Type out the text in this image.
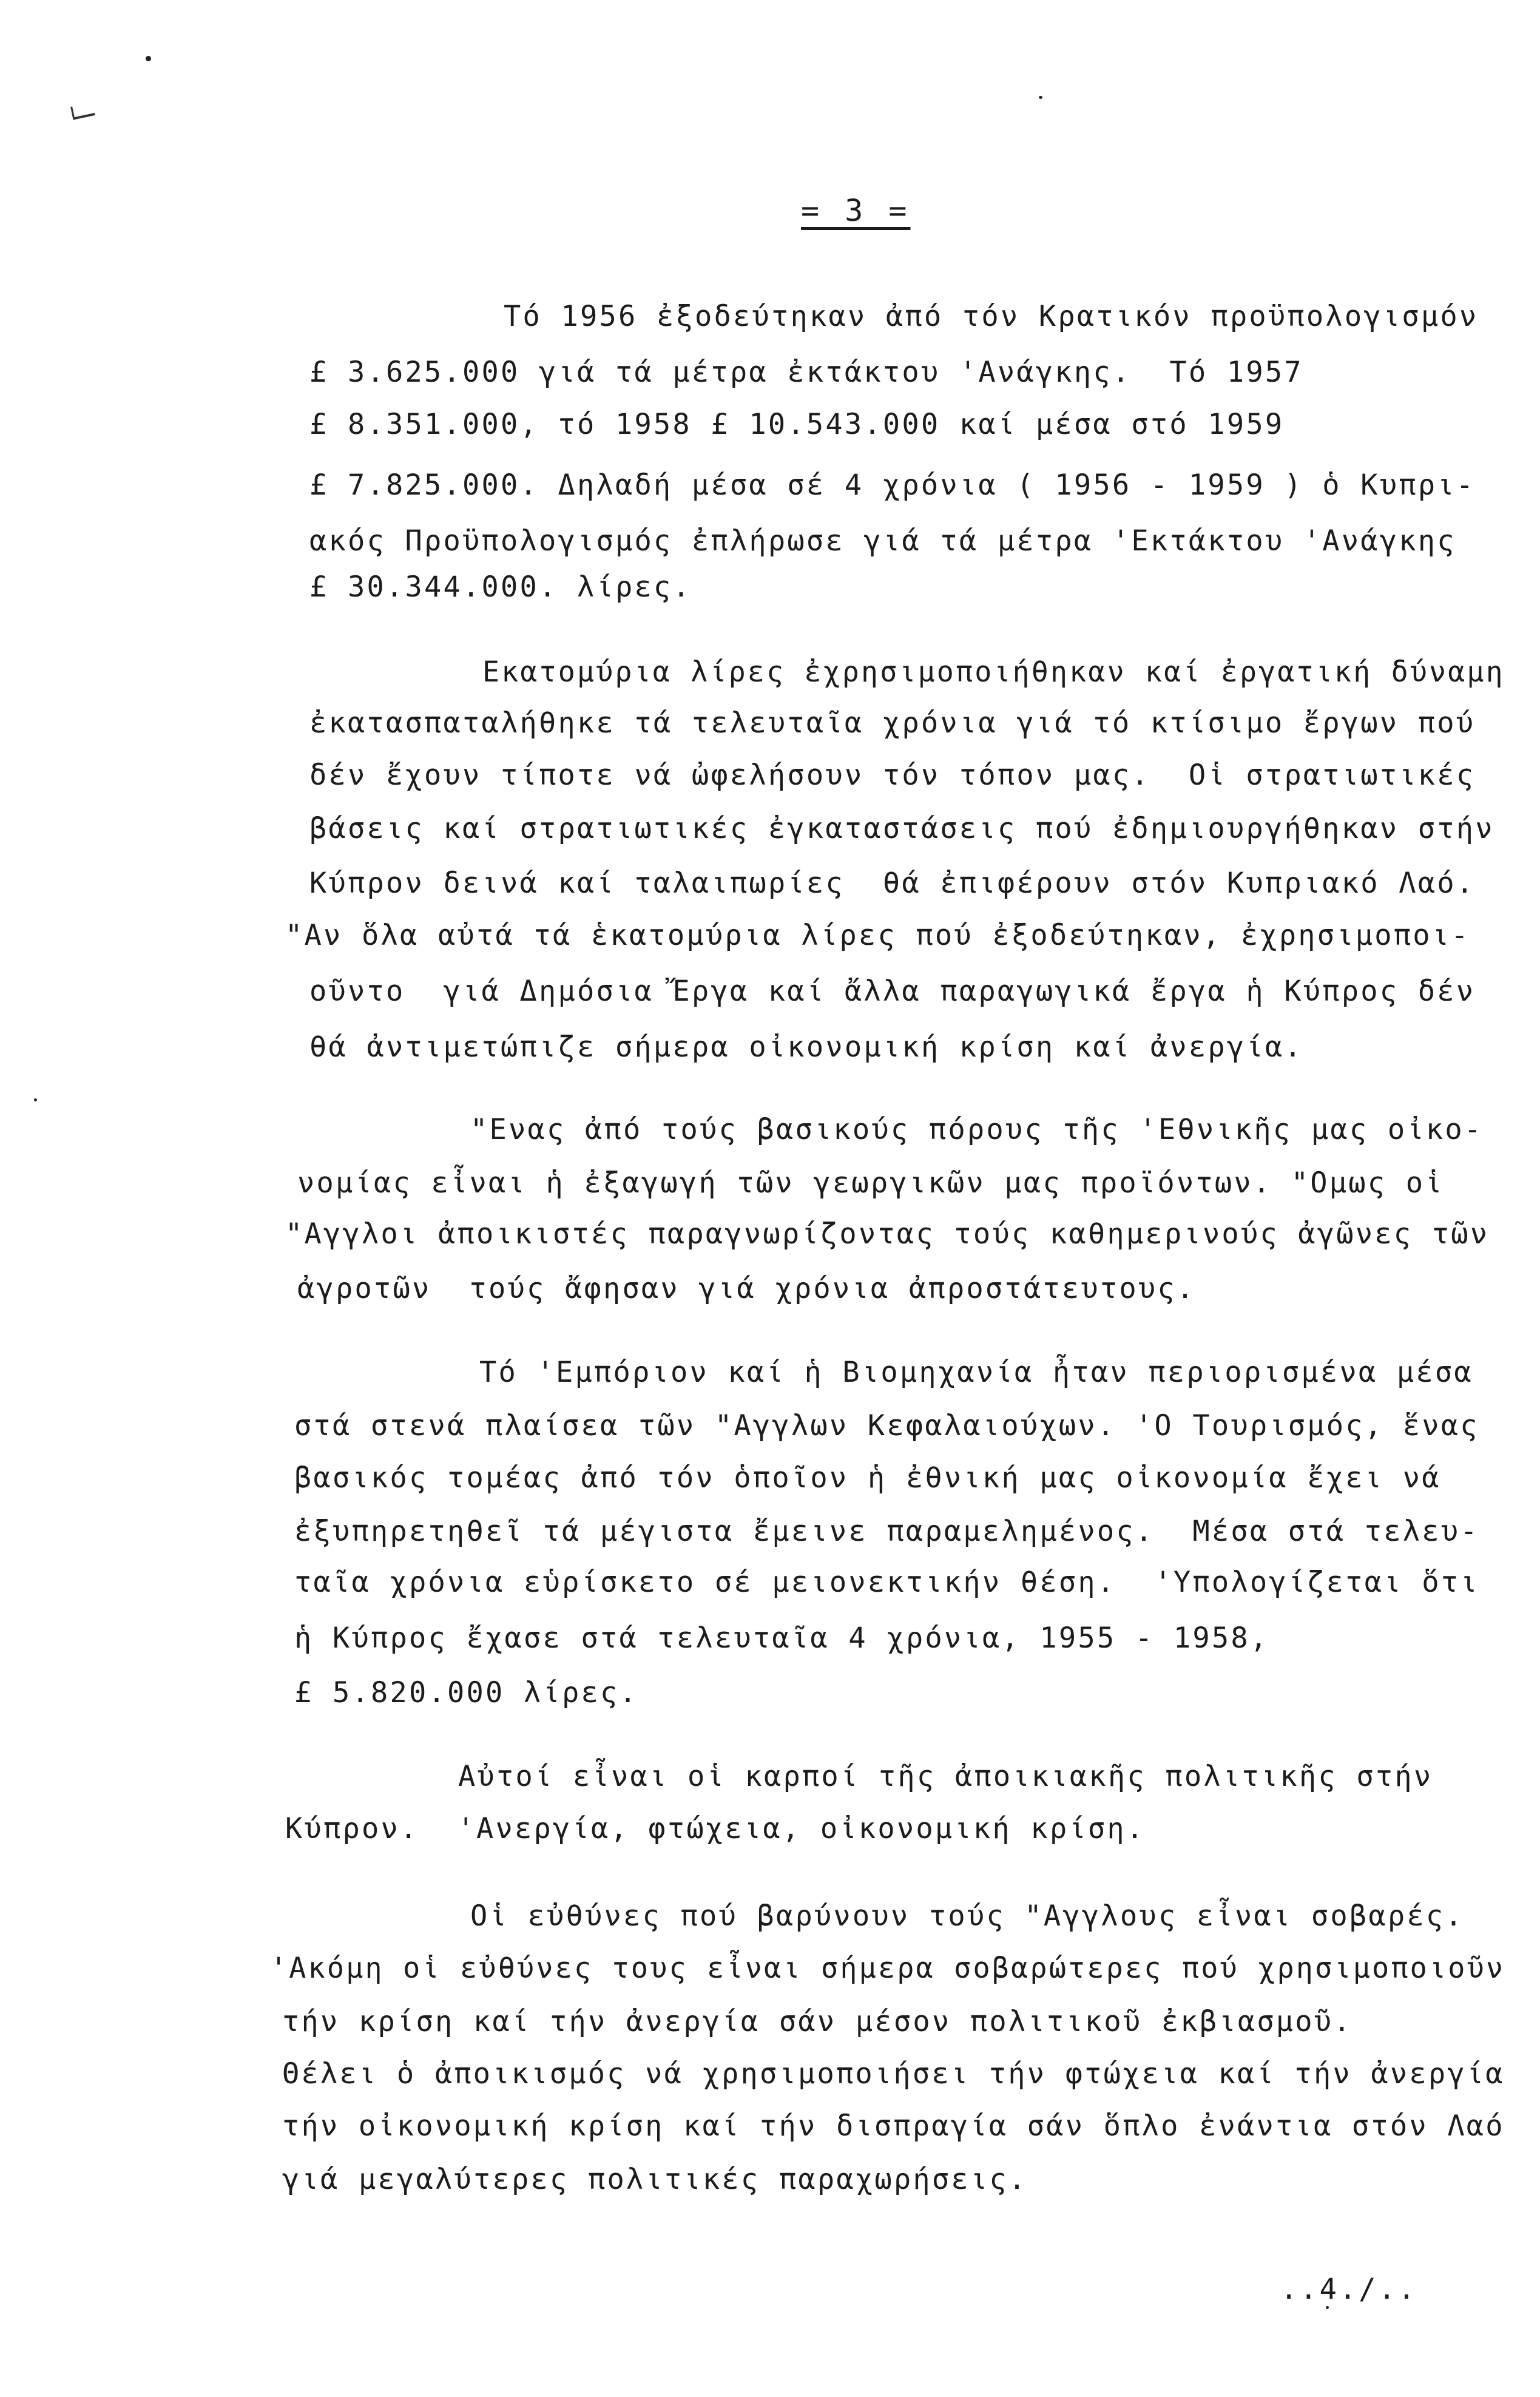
= 3 =
Τό 1956 ἐξοδεύτηκαν ἀπό τόν Κρατικόν προϋπολογισμόν
£ 3.625.000 γιά τά μέτρα ἐκτάκτου 'Ανάγκης.  Τό 1957
£ 8.351.000, τό 1958 £ 10.543.000 καί μέσα στό 1959
£ 7.825.000. Δηλαδή μέσα σέ 4 χρόνια ( 1956 - 1959 ) ὁ Κυπρι-
ακός Προϋπολογισμός ἐπλήρωσε γιά τά μέτρα 'Εκτάκτου 'Ανάγκης
£ 30.344.000. λίρες.
Εκατομύρια λίρες ἐχρησιμοποιήθηκαν καί ἐργατική δύναμη
ἐκατασπαταλήθηκε τά τελευταῖα χρόνια γιά τό κτίσιμο ἔργων πού
δέν ἔχουν τίποτε νά ὠφελήσουν τόν τόπον μας.  Οἱ στρατιωτικές
βάσεις καί στρατιωτικές ἐγκαταστάσεις πού ἐδημιουργήθηκαν στήν
Κύπρον δεινά καί ταλαιπωρίες  θά ἐπιφέρουν στόν Κυπριακό Λαό.
"Αν ὅλα αὐτά τά ἑκατομύρια λίρες πού ἐξοδεύτηκαν, ἐχρησιμοποι-
οῦντο  γιά Δημόσια Ἔργα καί ἄλλα παραγωγικά ἔργα ἡ Κύπρος δέν
θά ἀντιμετώπιζε σήμερα οἰκονομική κρίση καί ἀνεργία.
"Ενας ἀπό τούς βασικούς πόρους τῆς 'Εθνικῆς μας οἰκο-
νομίας εἶναι ἡ ἐξαγωγή τῶν γεωργικῶν μας προϊόντων. "Ομως οἱ
"Αγγλοι ἀποικιστές παραγνωρίζοντας τούς καθημερινούς ἀγῶνες τῶν
ἀγροτῶν  τούς ἄφησαν γιά χρόνια ἀπροστάτευτους.
Τό 'Εμπόριον καί ἡ Βιομηχανία ἦταν περιορισμένα μέσα
στά στενά πλαίσεα τῶν "Αγγλων Κεφαλαιούχων. 'Ο Τουρισμός, ἕνας
βασικός τομέας ἀπό τόν ὁποῖον ἡ ἐθνική μας οἰκονομία ἔχει νά
ἐξυπηρετηθεῖ τά μέγιστα ἔμεινε παραμελημένος.  Μέσα στά τελευ-
ταῖα χρόνια εὑρίσκετο σέ μειονεκτικήν θέση.  'Υπολογίζεται ὅτι
ἡ Κύπρος ἔχασε στά τελευταῖα 4 χρόνια, 1955 - 1958,
£ 5.820.000 λίρες.
Αὐτοί εἶναι οἱ καρποί τῆς ἀποικιακῆς πολιτικῆς στήν
Κύπρον.  'Ανεργία, φτώχεια, οἰκονομική κρίση.
Οἱ εὐθύνες πού βαρύνουν τούς "Αγγλους εἶναι σοβαρές.
'Ακόμη οἱ εὐθύνες τους εἶναι σήμερα σοβαρώτερες πού χρησιμοποιοῦν
τήν κρίση καί τήν ἀνεργία σάν μέσον πολιτικοῦ ἐκβιασμοῦ.
Θέλει ὁ ἀποικισμός νά χρησιμοποιήσει τήν φτώχεια καί τήν ἀνεργία
τήν οἰκονομική κρίση καί τήν δισπραγία σάν ὅπλο ἐνάντια στόν Λαό
γιά μεγαλύτερες πολιτικές παραχωρήσεις.
..4./..
